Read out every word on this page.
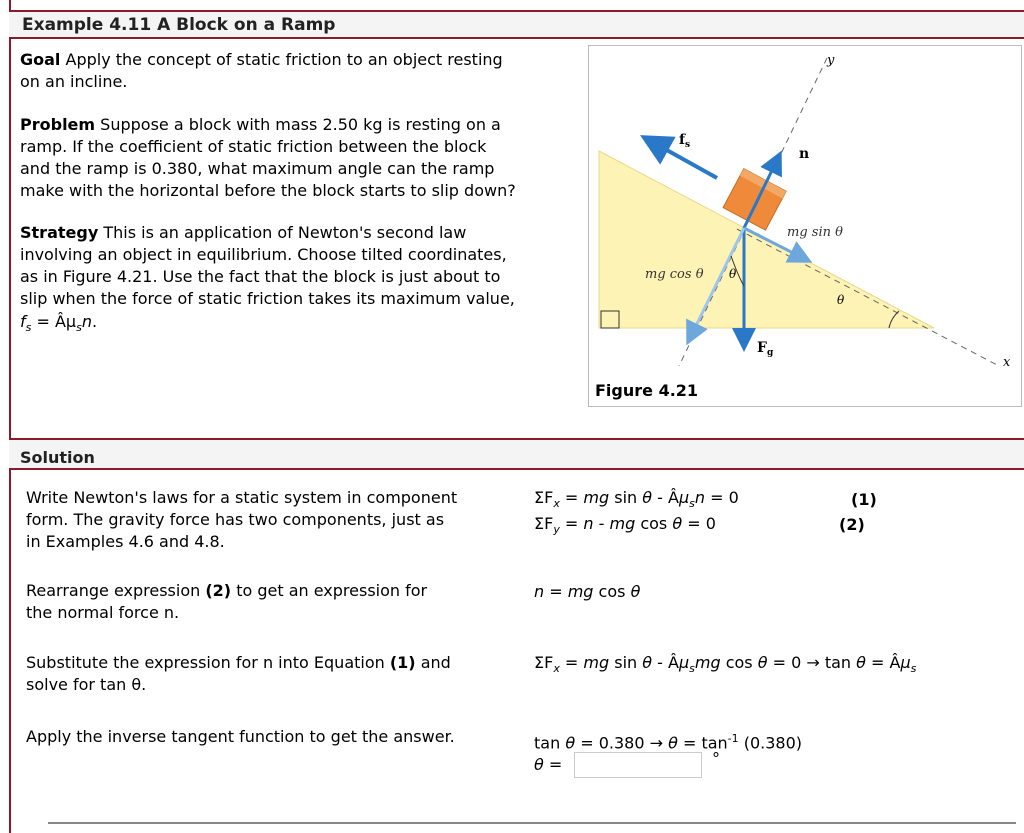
Example 4.11 A Block on a Ramp
Goal Apply the concept of static friction to an object resting
on an incline.
Problem Suppose a block with mass 2.50 kg is resting on a
ramp. If the coefficient of static friction between the block
and the ramp is 0.380, what maximum angle can the ramp
make with the horizontal before the block starts to slip down?
Strategy This is an application of Newton's second law
involving an object in equilibrium. Choose tilted coordinates,
as in Figure 4.21. Use the fact that the block is just about to
slip when the force of static friction takes its maximum value,
$f_s$ = $Â\mu_sn$.
y
x
$f_s$
n
mg sin θ
mg cos θ θ
θ
$F_g$
Figure 4.21
Solution
Write Newton's laws for a static system in component
form. The gravity force has two components, just as
in Examples 4.6 and 4.8.
$\Sigma F_x$ = mg $\sin \theta - Â\mu_sn = 0$
$\Sigma F_y = n$ - mg cos θ = 0
(1)
(2)
Rearrange expression (2) to get an expression for
the normal force n.
n = mg cos θ
Substitute the expression for n into Equation (1) and
solve for tan θ.
$\Sigma F_x$ = mg sin θ - $Â\mu_smg$ $\cos \theta = 0 \to \tan \theta = Â\mu_s$
Apply the inverse tangent function to get the answer.	$\tan \theta = 0.380 \to \theta = \tan^{-1} (0.380)$
θ =	°
